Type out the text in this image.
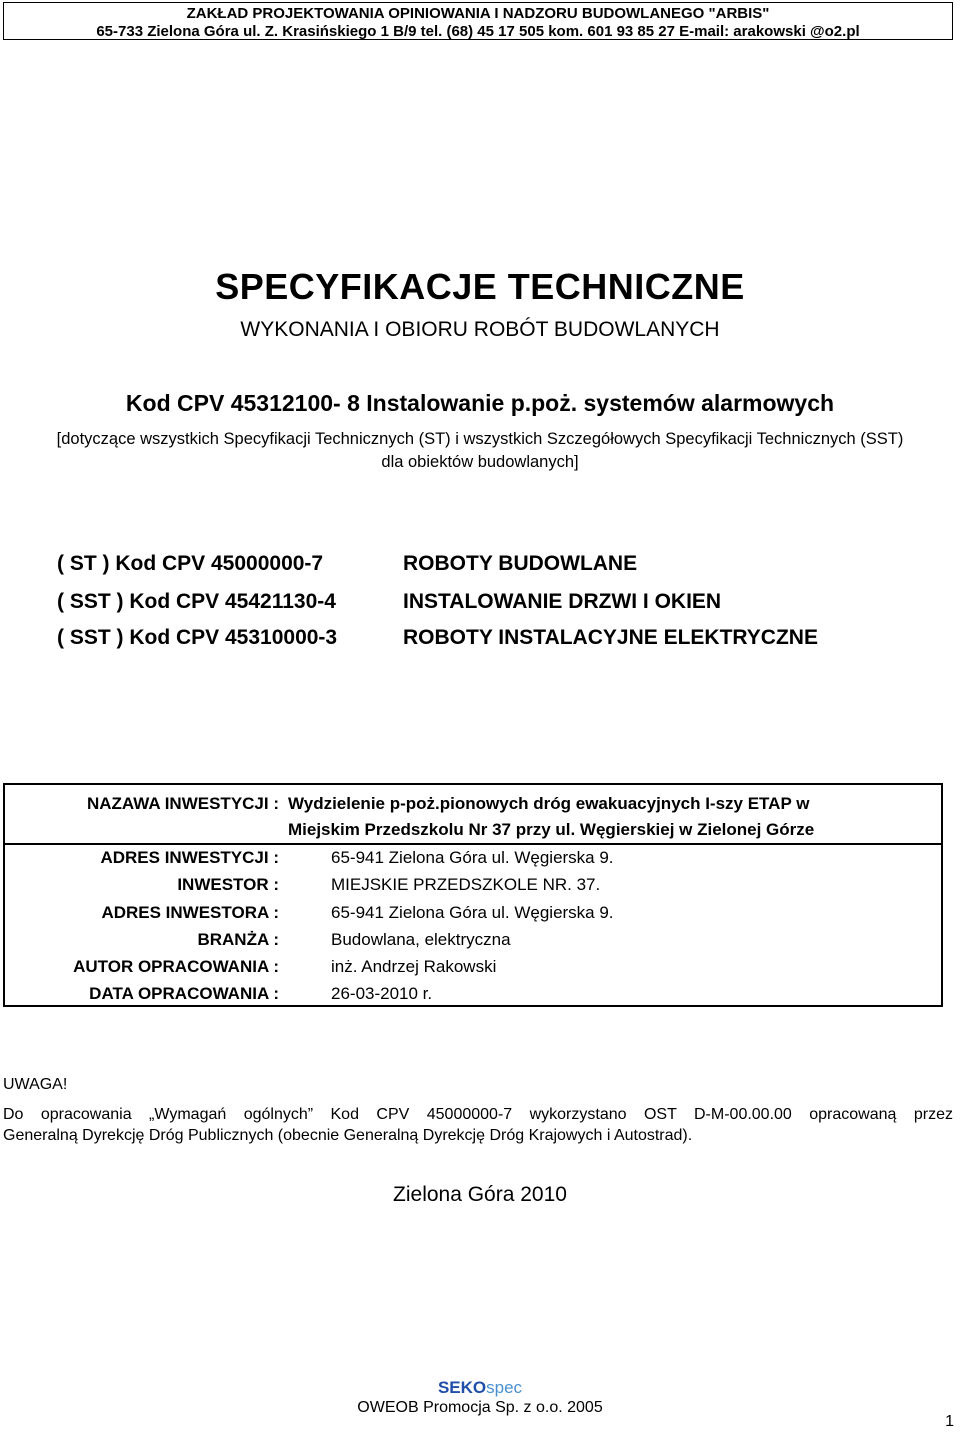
ZAKŁAD PROJEKTOWANIA OPINIOWANIA I NADZORU BUDOWLANEGO "ARBIS"
65-733 Zielona Góra ul. Z. Krasińskiego 1 B/9 tel. (68) 45 17 505 kom. 601 93 85 27 E-mail: arakowski @o2.pl
SPECYFIKACJE TECHNICZNE
WYKONANIA I OBIORU ROBÓT BUDOWLANYCH
Kod CPV 45312100- 8 Instalowanie p.poż. systemów alarmowych
[dotyczące wszystkich Specyfikacji Technicznych (ST) i wszystkich Szczegółowych Specyfikacji Technicznych (SST)
dla obiektów budowlanych]
( ST ) Kod CPV 45000000-7	ROBOTY BUDOWLANE
( SST ) Kod CPV 45421130-4	INSTALOWANIE DRZWI I OKIEN
( SST ) Kod CPV 45310000-3	ROBOTY INSTALACYJNE ELEKTRYCZNE
NAZAWA INWESTYCJI : Wydzielenie p-poż.pionowych dróg ewakuacyjnych I-szy ETAP w
Miejskim Przedszkolu Nr 37 przy ul. Węgierskiej w Zielonej Górze
ADRES INWESTYCJI :	65-941 Zielona Góra ul. Węgierska 9.
INWESTOR :	MIEJSKIE PRZEDSZKOLE NR. 37.
ADRES INWESTORA :	65-941 Zielona Góra ul. Węgierska 9.
BRANŻA :	Budowlana, elektryczna
AUTOR OPRACOWANIA :	inż. Andrzej Rakowski
DATA OPRACOWANIA :	26-03-2010 r.
UWAGA!
Do opracowania „Wymagań ogólnych” Kod CPV 45000000-7 wykorzystano OST D-M-00.00.00 opracowaną przez
Generalną Dyrekcję Dróg Publicznych (obecnie Generalną Dyrekcję Dróg Krajowych i Autostrad).
Zielona Góra 2010
SEKOspec
OWEOB Promocja Sp. z o.o. 2005
1
